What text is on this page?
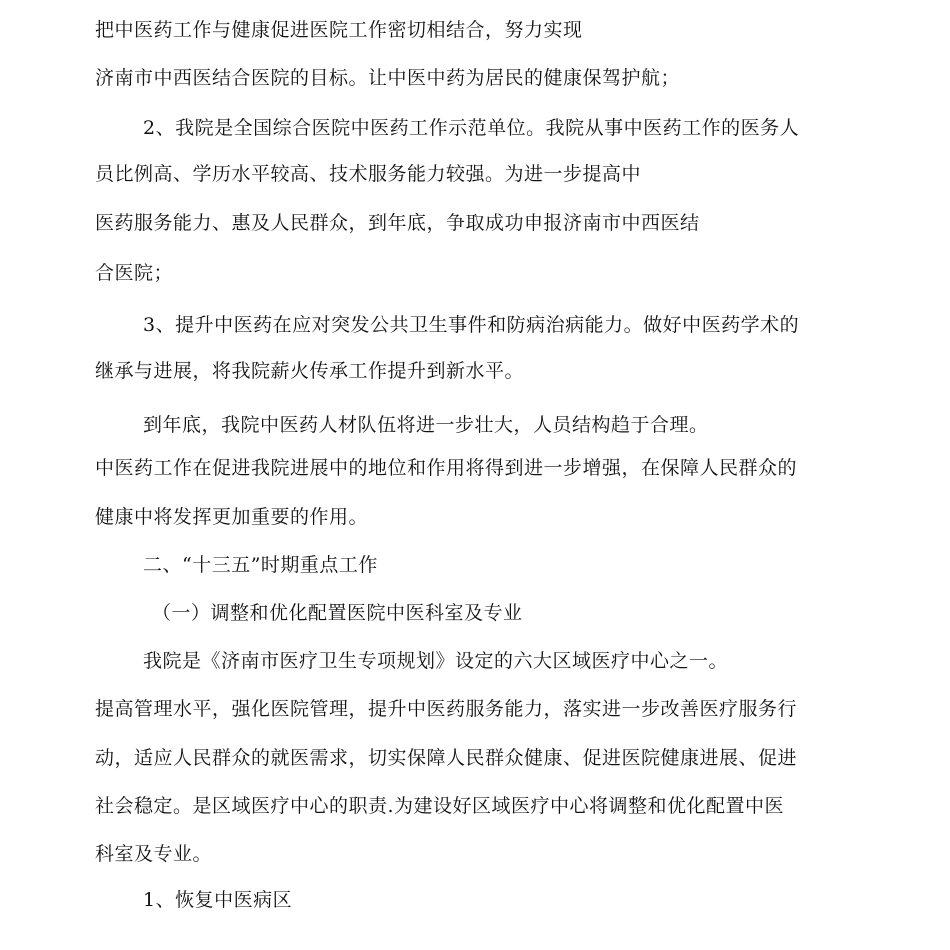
把中医药工作与健康促进医院工作密切相结合，努力实现
济南市中西医结合医院的目标。让中医中药为居民的健康保驾护航；
2、我院是全国综合医院中医药工作示范单位。我院从事中医药工作的医务人
员比例高、学历水平较高、技术服务能力较强。为进一步提高中
医药服务能力、惠及人民群众，到年底，争取成功申报济南市中西医结
合医院；
3、提升中医药在应对突发公共卫生事件和防病治病能力。做好中医药学术的
继承与进展，将我院薪火传承工作提升到新水平。
到年底，我院中医药人材队伍将进一步壮大，人员结构趋于合理。
中医药工作在促进我院进展中的地位和作用将得到进一步增强，在保障人民群众的
健康中将发挥更加重要的作用。
二、“十三五”时期重点工作
（一）调整和优化配置医院中医科室及专业
我院是《济南市医疗卫生专项规划》设定的六大区域医疗中心之一。
提高管理水平，强化医院管理，提升中医药服务能力，落实进一步改善医疗服务行
动，适应人民群众的就医需求，切实保障人民群众健康、促进医院健康进展、促进
社会稳定。是区域医疗中心的职责.为建设好区域医疗中心将调整和优化配置中医
科室及专业。
1、恢复中医病区
